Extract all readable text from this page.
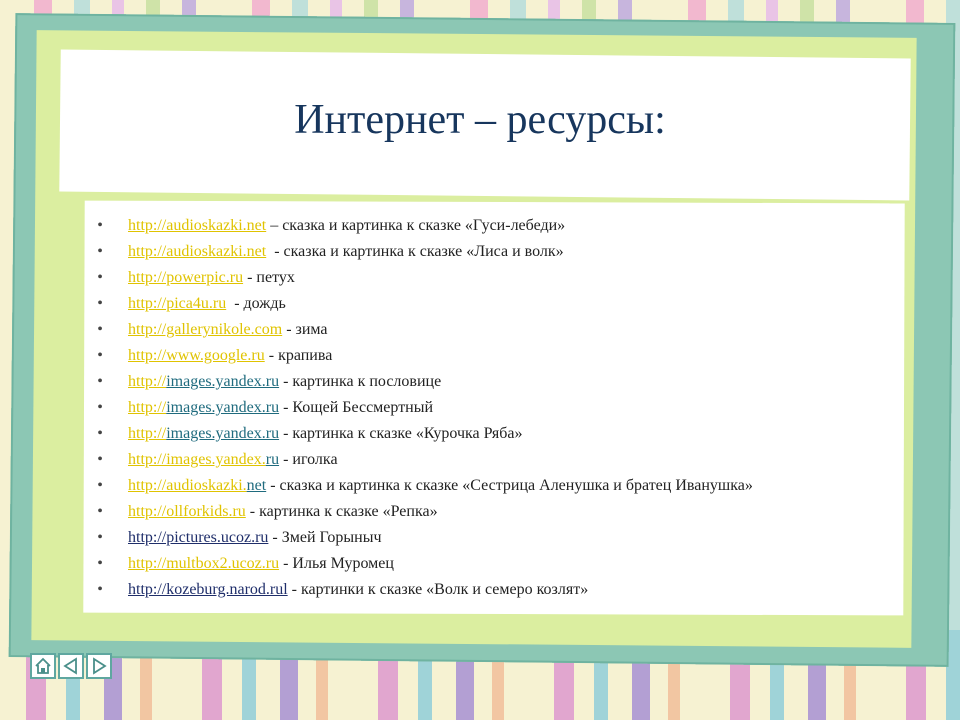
Интернет – ресурсы:
•	http://audioskazki.net – сказка и картинка к сказке «Гуси-лебеди»
•	http://audioskazki.net  - сказка и картинка к сказке «Лиса и волк»
•	http://powerpic.ru - петух
•	http://pica4u.ru  - дождь
•	http://gallerynikole.com - зима
•	http://www.google.ru - крапива
•	http://images.yandex.ru - картинка к пословице
•	http://images.yandex.ru - Кощей Бессмертный
•	http://images.yandex.ru - картинка к сказке «Курочка Ряба»
•	http://images.yandex.ru - иголка
•	http://audioskazki.net - сказка и картинка к сказке «Сестрица Аленушка и братец Иванушка»
•	http://ollforkids.ru - картинка к сказке «Репка»
•	http://pictures.ucoz.ru - Змей Горыныч
•	http://multbox2.ucoz.ru - Илья Муромец
•	http://kozeburg.narod.rul - картинки к сказке «Волк и семеро козлят»
